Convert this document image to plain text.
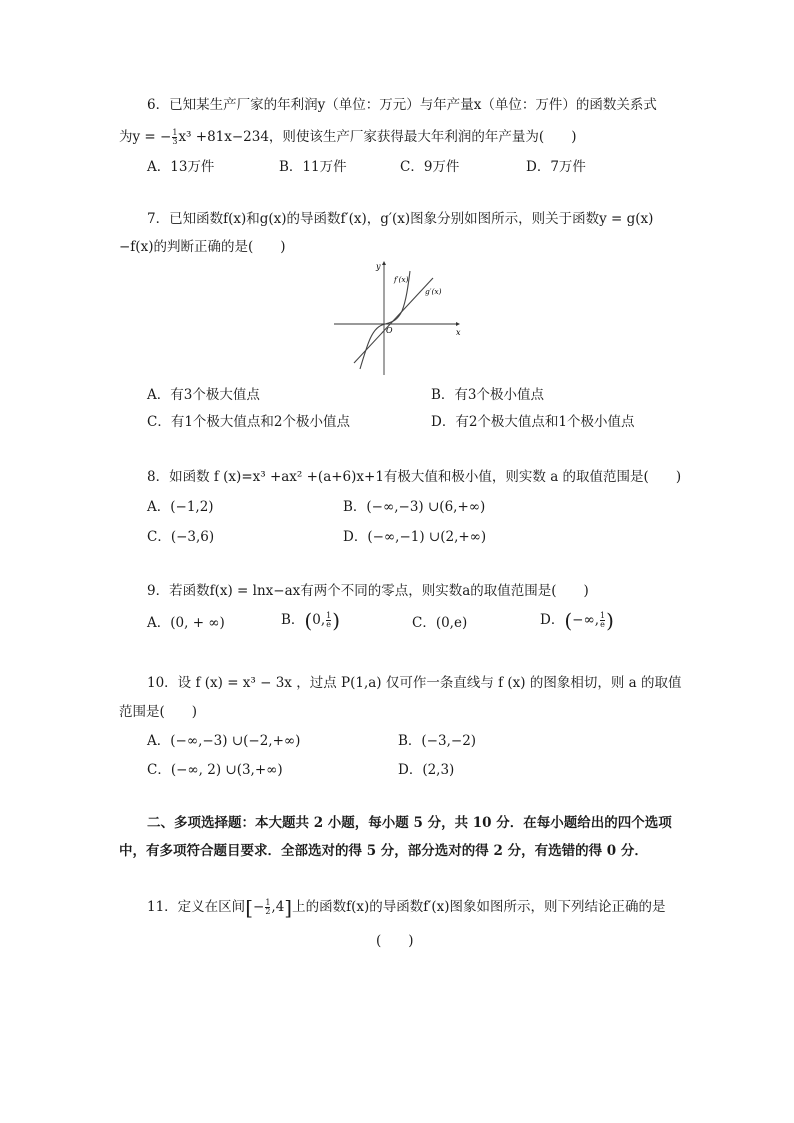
6．已知某生产厂家的年利润y（单位：万元）与年产量x（单位：万件）的函数关系式
为y = − $\frac{1}{3} x^3 +81x-234$，则使该生产厂家获得最大年利润的年产量为(　　)
A．13万件	B．11万件	C．9万件	D．7万件
7．已知函数f(x)和g(x)的导函数f′(x)，g′(x)图象分别如图所示，则关于函数y = g(x)
−f(x)的判断正确的是(　　)
y
x
O
f′(x)
g′(x)
A．有3个极大值点	B．有3个极小值点
C．有1个极大值点和2个极小值点	D．有2个极大值点和1个极小值点
8．如函数 f (x)=x³ +ax² +(a+6)x+1有极大值和极小值，则实数 a 的取值范围是(　　)
A．(−1,2)	B．(−∞,−3) ∪(6,+∞)
C．(−3,6)	D．(−∞,−1) ∪(2,+∞)
9．若函数f(x) = lnx−ax有两个不同的零点，则实数a的取值范围是(　　)
A．(0, + ∞)	B．(0, $\frac{1}{e}$ )	C．(0,e)	D．(−∞, $\frac{1}{e}$ )
10．设 f (x) = x³ − 3x ，过点 P(1,a) 仅可作一条直线与 f (x) 的图象相切，则 a 的取值
范围是(　　)
A．(−∞,−3) ∪(−2,+∞)	B．(−3,−2)
C．(−∞, 2) ∪(3,+∞)	D．(2,3)
二、多项选择题：本大题共 2 小题，每小题 5 分，共 10 分．在每小题给出的四个选项
中，有多项符合题目要求．全部选对的得 5 分，部分选对的得 2 分，有选错的得 0 分．
11．定义在区间[− $\frac{1}{2} ,4$]上的函数f(x)的导函数f′(x)图象如图所示，则下列结论正确的是
(　　)
